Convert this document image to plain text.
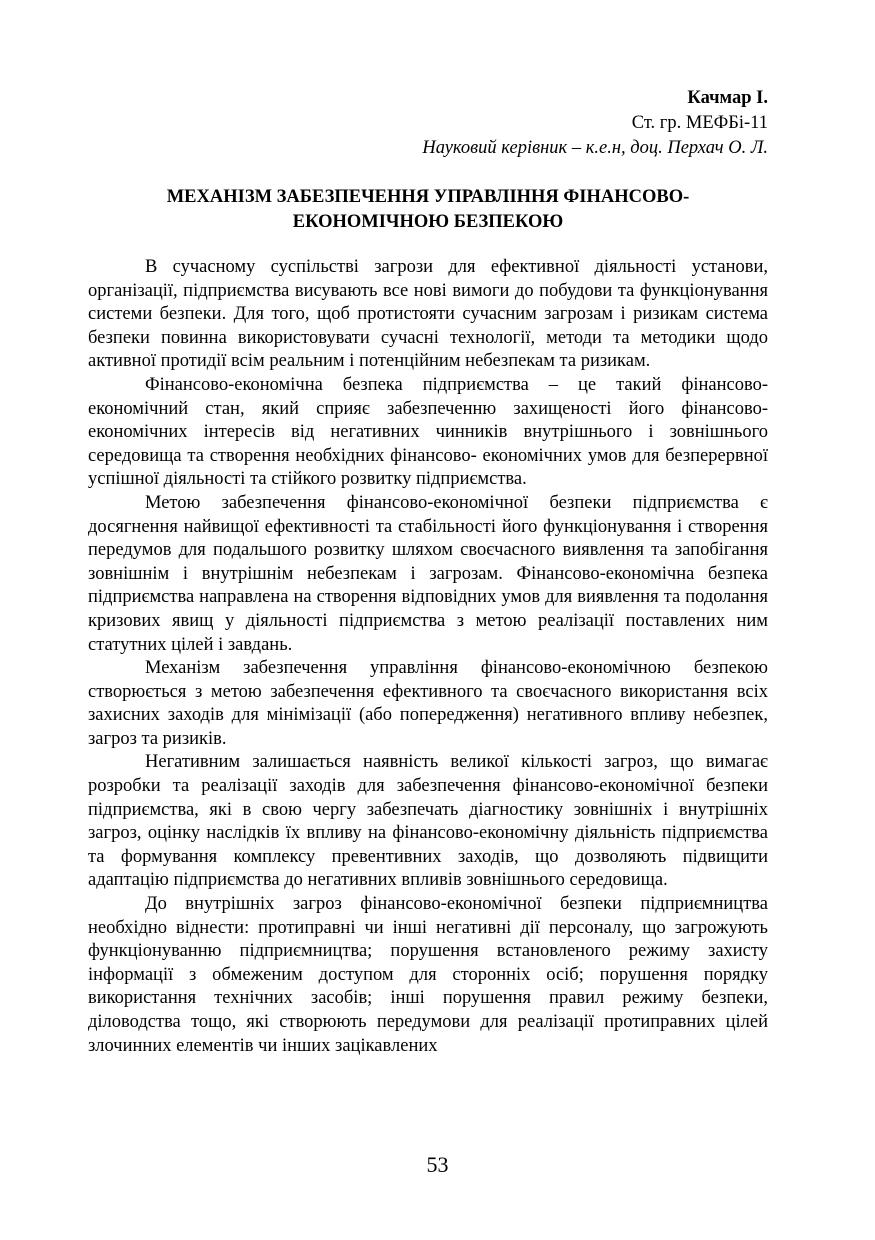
Качмар І.
Ст. гр. МЕФБі-11
Науковий керівник – к.е.н, доц. Перхач О. Л.
МЕХАНІЗМ ЗАБЕЗПЕЧЕННЯ УПРАВЛІННЯ ФІНАНСОВО-
ЕКОНОМІЧНОЮ БЕЗПЕКОЮ

В сучасному суспільстві загрози для ефективної діяльності установи, організації, підприємства висувають все нові вимоги до побудови та функціонування системи безпеки. Для того, щоб протистояти сучасним загрозам і ризикам система безпеки повинна використовувати сучасні технології, методи та методики щодо активної протидії всім реальним і потенційним небезпекам та ризикам.

Фінансово-економічна безпека підприємства – це такий фінансово-економічний стан, який сприяє забезпеченню захищеності його фінансово-економічних інтересів від негативних чинників внутрішнього і зовнішнього середовища та створення необхідних фінансово- економічних умов для безперервної успішної діяльності та стійкого розвитку підприємства.

Метою забезпечення фінансово-економічної безпеки підприємства є досягнення найвищої ефективності та стабільності його функціонування і створення передумов для подальшого розвитку шляхом своєчасного виявлення та запобігання зовнішнім і внутрішнім небезпекам і загрозам. Фінансово-економічна безпека підприємства направлена на створення відповідних умов для виявлення та подолання кризових явищ у діяльності підприємства з метою реалізації поставлених ним статутних цілей і завдань.

Механізм забезпечення управління фінансово-економічною безпекою створюється з метою забезпечення ефективного та своєчасного використання всіх захисних заходів для мінімізації (або попередження) негативного впливу небезпек, загроз та ризиків.

Негативним залишається наявність великої кількості загроз, що вимагає розробки та реалізації заходів для забезпечення фінансово-економічної безпеки підприємства, які в свою чергу забезпечать діагностику зовнішніх і внутрішніх загроз, оцінку наслідків їх впливу на фінансово-економічну діяльність підприємства та формування комплексу превентивних заходів, що дозволяють підвищити адаптацію підприємства до негативних впливів зовнішнього середовища.

До внутрішніх загроз фінансово-економічної безпеки підприємництва необхідно віднести: протиправні чи інші негативні дії персоналу, що загрожують функціонуванню підприємництва; порушення встановленого режиму захисту інформації з обмеженим доступом для сторонніх осіб; порушення порядку використання технічних засобів; інші порушення правил режиму безпеки, діловодства тощо, які створюють передумови для реалізації протиправних цілей злочинних елементів чи інших зацікавлених

53
